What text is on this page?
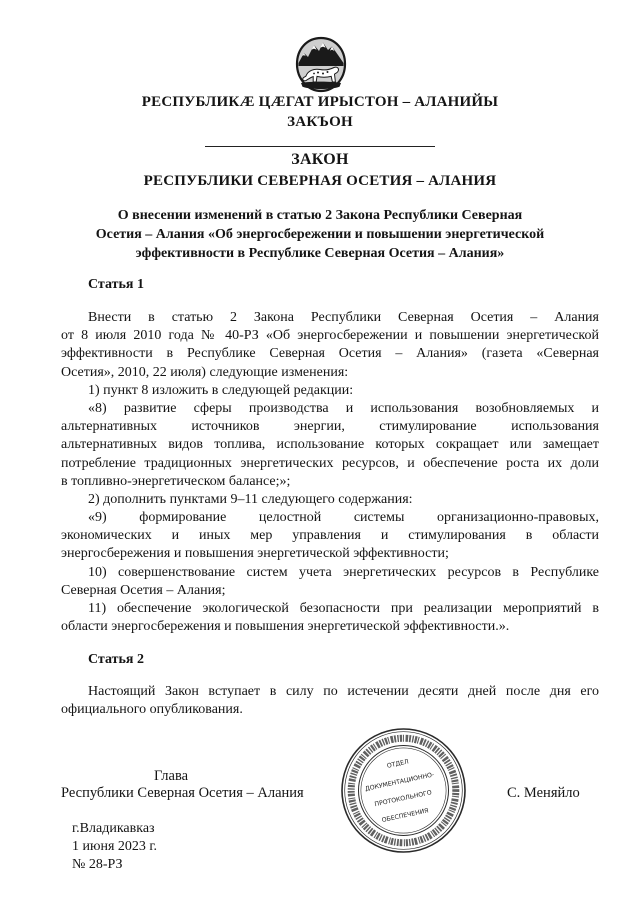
РЕСПУБЛИКӔ ЦӔГАТ ИРЫСТОН – АЛАНИЙЫ
ЗАКЪОН
ЗАКОН
РЕСПУБЛИКИ СЕВЕРНАЯ ОСЕТИЯ – АЛАНИЯ
О внесении изменений в статью 2 Закона Республики Северная
Осетия – Алания «Об энергосбережении и повышении энергетической
эффективности в Республике Северная Осетия – Алания»
Статья 1
Внести в статью 2 Закона Республики Северная Осетия – Алания
от 8 июля 2010 года № 40-РЗ «Об энергосбережении и повышении энергетической
эффективности в Республике Северная Осетия – Алания» (газета «Северная
Осетия», 2010, 22 июля) следующие изменения:
1) пункт 8 изложить в следующей редакции:
«8) развитие сферы производства и использования возобновляемых и
альтернативных источников энергии, стимулирование использования
альтернативных видов топлива, использование которых сокращает или замещает
потребление традиционных энергетических ресурсов, и обеспечение роста их доли
в топливно-энергетическом балансе;»;
2) дополнить пунктами 9–11 следующего содержания:
«9) формирование целостной системы организационно-правовых,
экономических и иных мер управления и стимулирования в области
энергосбережения и повышения энергетической эффективности;
10) совершенствование систем учета энергетических ресурсов в Республике
Северная Осетия – Алания;
11) обеспечение экологической безопасности при реализации мероприятий в
области энергосбережения и повышения энергетической эффективности.».
Статья 2
Настоящий Закон вступает в силу по истечении десяти дней после дня его
официального опубликования.
Глава
Республики Северная Осетия – Алания	С. Меняйло
ОТДЕЛ
ДОКУМЕНТАЦИОННО-
ПРОТОКОЛЬНОГО
ОБЕСПЕЧЕНИЯ
г.Владикавказ
1 июня 2023 г.
№ 28-РЗ
